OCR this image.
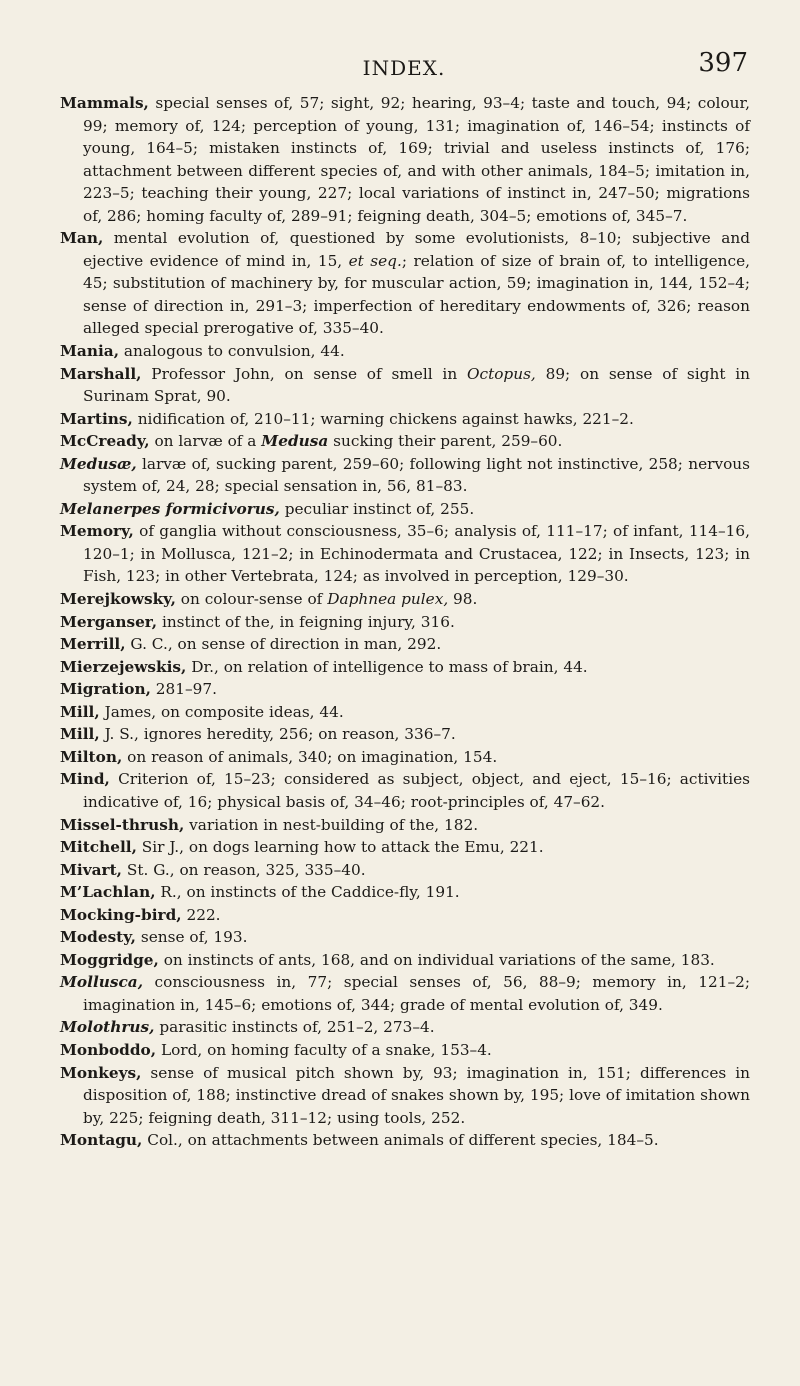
INDEX.	397
Mammals, special senses of, 57; sight, 92; hearing, 93–4; taste and touch, 94; colour, 99; memory of, 124; perception of young, 131; imagination of, 146–54; instincts of young, 164–5; mistaken instincts of, 169; trivial and useless instincts of, 176; attachment between different species of, and with other animals, 184–5; imitation in, 223–5; teaching their young, 227; local variations of instinct in, 247–50; migrations of, 286; homing faculty of, 289–91; feigning death, 304–5; emotions of, 345–7.
Man, mental evolution of, questioned by some evolutionists, 8–10; subjective and ejective evidence of mind in, 15, et seq.; relation of size of brain of, to intelligence, 45; substitution of machinery by, for muscular action, 59; imagination in, 144, 152–4; sense of direction in, 291–3; imperfection of hereditary endowments of, 326; reason alleged special prerogative of, 335–40.
Mania, analogous to convulsion, 44.
Marshall, Professor John, on sense of smell in Octopus, 89; on sense of sight in Surinam Sprat, 90.
Martins, nidification of, 210–11; warning chickens against hawks, 221–2.
McCready, on larvæ of a Medusa sucking their parent, 259–60.
Medusæ, larvæ of, sucking parent, 259–60; following light not instinctive, 258; nervous system of, 24, 28; special sensation in, 56, 81–83.
Melanerpes formicivorus, peculiar instinct of, 255.
Memory, of ganglia without consciousness, 35–6; analysis of, 111–17; of infant, 114–16, 120–1; in Mollusca, 121–2; in Echinodermata and Crustacea, 122; in Insects, 123; in Fish, 123; in other Vertebrata, 124; as involved in perception, 129–30.
Merejkowsky, on colour-sense of Daphnea pulex, 98.
Merganser, instinct of the, in feigning injury, 316.
Merrill, G. C., on sense of direction in man, 292.
Mierzejewskis, Dr., on relation of intelligence to mass of brain, 44.
Migration, 281–97.
Mill, James, on composite ideas, 44.
Mill, J. S., ignores heredity, 256; on reason, 336–7.
Milton, on reason of animals, 340; on imagination, 154.
Mind, Criterion of, 15–23; considered as subject, object, and eject, 15–16; activities indicative of, 16; physical basis of, 34–46; root-principles of, 47–62.
Missel-thrush, variation in nest-building of the, 182.
Mitchell, Sir J., on dogs learning how to attack the Emu, 221.
Mivart, St. G., on reason, 325, 335–40.
M’Lachlan, R., on instincts of the Caddice-fly, 191.
Mocking-bird, 222.
Modesty, sense of, 193.
Moggridge, on instincts of ants, 168, and on individual variations of the same, 183.
Mollusca, consciousness in, 77; special senses of, 56, 88–9; memory in, 121–2; imagination in, 145–6; emotions of, 344; grade of mental evolution of, 349.
Molothrus, parasitic instincts of, 251–2, 273–4.
Monboddo, Lord, on homing faculty of a snake, 153–4.
Monkeys, sense of musical pitch shown by, 93; imagination in, 151; differences in disposition of, 188; instinctive dread of snakes shown by, 195; love of imitation shown by, 225; feigning death, 311–12; using tools, 252.
Montagu, Col., on attachments between animals of different species, 184–5.
